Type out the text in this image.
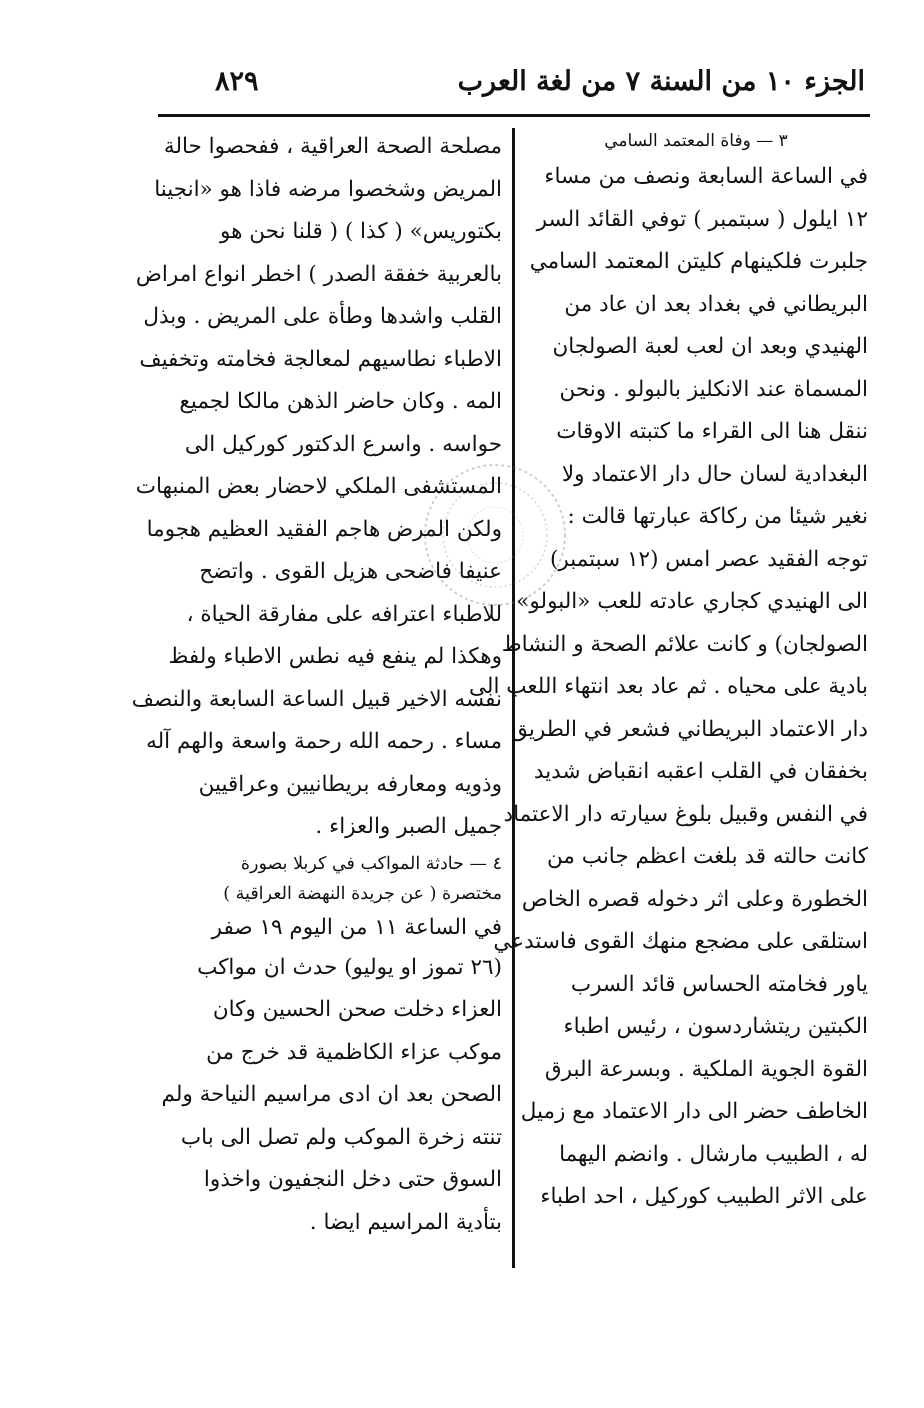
٨٢٩	الجزء ١٠ من السنة ٧ من لغة العرب

٣ — وفاة المعتمد السامي

في الساعة السابعة ونصف من مساء

١٢ ايلول ( سبتمبر ) توفي القائد السر

جلبرت فلكينهام كليتن المعتمد السامي

البريطاني في بغداد بعد ان عاد من

الهنيدي وبعد ان لعب لعبة الصولجان

المسماة عند الانكليز بالبولو . ونحن

ننقل هنا الى القراء ما كتبته الاوقات

البغدادية لسان حال دار الاعتماد ولا

نغير شيئا من ركاكة عبارتها قالت :

توجه الفقيد عصر امس (١٢ سبتمبر)

الى الهنيدي كجاري عادته للعب «البولو»

الصولجان) و كانت علائم الصحة و النشاط

بادية على محياه . ثم عاد بعد انتهاء اللعب الى

دار الاعتماد البريطاني فشعر في الطريق

بخفقان في القلب اعقبه انقباض شديد

في النفس وقبيل بلوغ سيارته دار الاعتماد

كانت حالته قد بلغت اعظم جانب من

الخطورة وعلى اثر دخوله قصره الخاص

استلقى على مضجع منهك القوى فاستدعي

ياور فخامته الحساس قائد السرب

الكبتين ريتشاردسون ، رئيس اطباء

القوة الجوية الملكية . وبسرعة البرق

الخاطف حضر الى دار الاعتماد مع زميل

له ، الطبيب مارشال . وانضم اليهما

على الاثر الطبيب كوركيل ، احد اطباء

مصلحة الصحة العراقية ، ففحصوا حالة

المريض وشخصوا مرضه فاذا هو «انجينا

بكتوريس» ( كذا ) ( قلنا نحن هو

بالعربية خفقة الصدر ) اخطر انواع امراض

القلب واشدها وطأة على المريض . وبذل

الاطباء نطاسيهم لمعالجة فخامته وتخفيف

المه . وكان حاضر الذهن مالكا لجميع

حواسه . واسرع الدكتور كوركيل الى

المستشفى الملكي لاحضار بعض المنبهات

ولكن المرض هاجم الفقيد العظيم هجوما

عنيفا فاضحى هزيل القوى . واتضح

للاطباء اعترافه على مفارقة الحياة ،

وهكذا لم ينفع فيه نطس الاطباء ولفظ

نفسه الاخير قبيل الساعة السابعة والنصف

مساء . رحمه الله رحمة واسعة والهم آله

وذويه ومعارفه بريطانيين وعراقيين

جميل الصبر والعزاء .

٤ — حادثة المواكب في كربلا بصورة

مختصرة ( عن جريدة النهضة العراقية )

في الساعة ١١ من اليوم ١٩ صفر

(٢٦ تموز او يوليو) حدث ان مواكب

العزاء دخلت صحن الحسين وكان

موكب عزاء الكاظمية قد خرج من

الصحن بعد ان ادى مراسيم النياحة ولم

تنته زخرة الموكب ولم تصل الى باب

السوق حتى دخل النجفيون واخذوا

بتأدية المراسيم ايضا .
